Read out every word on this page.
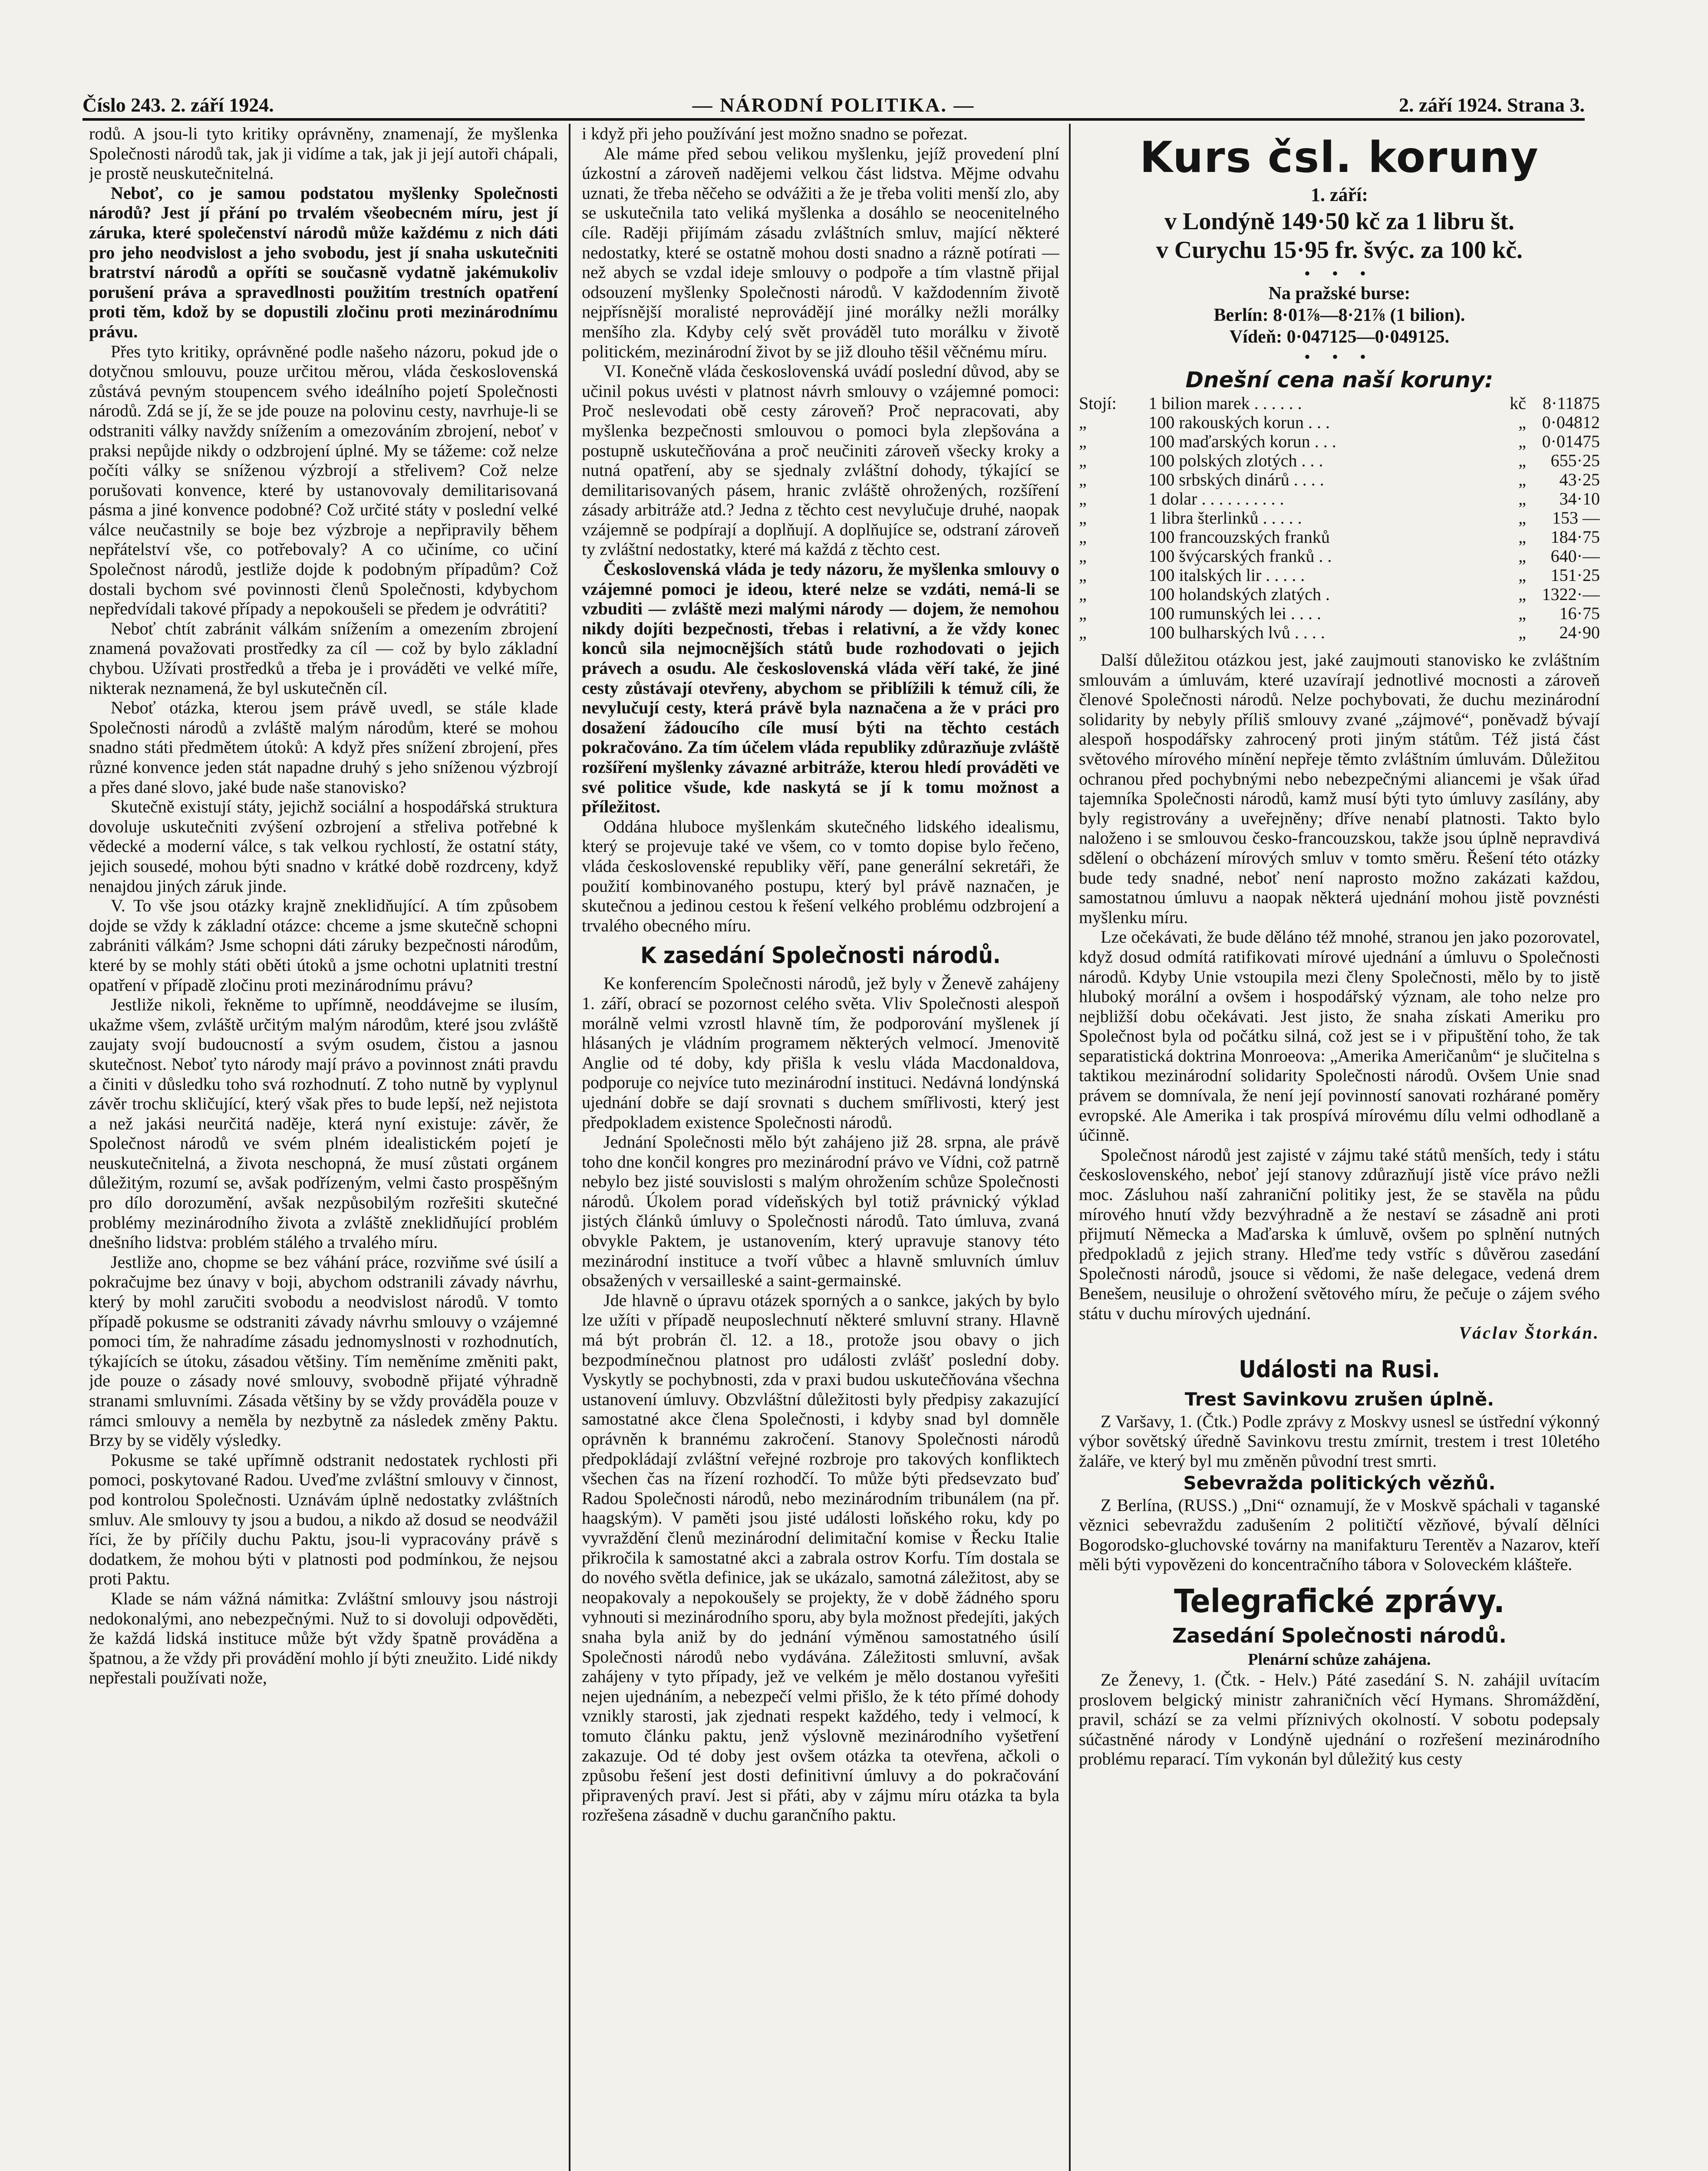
Číslo 243. 2. září 1924.	— NÁRODNÍ POLITIKA. —	2. září 1924. Strana 3.

rodů. A jsou-li tyto kritiky oprávněny, znamenají, že myšlenka Společnosti národů tak, jak ji vidíme a tak, jak ji její autoři chápali, je prostě neuskutečnitelná.

Neboť, co je samou podstatou myšlenky Společnosti národů? Jest jí přání po trvalém všeobecném míru, jest jí záruka, které společenství národů může každému z nich dáti pro jeho neodvislost a jeho svobodu, jest jí snaha uskutečniti bratrství národů a opříti se současně vydatně jakémukoliv porušení práva a spravedlnosti použitím trestních opatření proti těm, kdož by se dopustili zločinu proti mezinárodnímu právu.

Přes tyto kritiky, oprávněné podle našeho názoru, pokud jde o dotyčnou smlouvu, pouze určitou měrou, vláda československá zůstává pevným stoupencem svého ideálního pojetí Společnosti národů. Zdá se jí, že se jde pouze na polovinu cesty, navrhuje-li se odstraniti války navždy snížením a omezováním zbrojení, neboť v praksi nepůjde nikdy o odzbrojení úplné. My se tážeme: což nelze počíti války se sníženou výzbrojí a střelivem? Což nelze porušovati konvence, které by ustanovovaly demilitarisovaná pásma a jiné konvence podobné? Což určité státy v poslední velké válce neučastnily se boje bez výzbroje a nepřipravily během nepřátelství vše, co potřebovaly? A co učiníme, co učiní Společnost národů, jestliže dojde k podobným případům? Což dostali bychom své povinnosti členů Společnosti, kdybychom nepředvídali takové případy a nepokoušeli se předem je odvrátiti?

Neboť chtít zabránit válkám snížením a omezením zbrojení znamená považovati prostředky za cíl — což by bylo základní chybou. Užívati prostředků a třeba je i prováděti ve velké míře, nikterak neznamená, že byl uskutečněn cíl.

Neboť otázka, kterou jsem právě uvedl, se stále klade Společnosti národů a zvláště malým národům, které se mohou snadno státi předmětem útoků: A když přes snížení zbrojení, přes různé konvence jeden stát napadne druhý s jeho sníženou výzbrojí a přes dané slovo, jaké bude naše stanovisko?

Skutečně existují státy, jejichž sociální a hospodářská struktura dovoluje uskutečniti zvýšení ozbrojení a střeliva potřebné k vědecké a moderní válce, s tak velkou rychlostí, že ostatní státy, jejich sousedé, mohou býti snadno v krátké době rozdrceny, když nenajdou jiných záruk jinde.

V. To vše jsou otázky krajně zneklidňující. A tím způsobem dojde se vždy k základní otázce: chceme a jsme skutečně schopni zabrániti válkám? Jsme schopni dáti záruky bezpečnosti národům, které by se mohly státi oběti útoků a jsme ochotni uplatniti trestní opatření v případě zločinu proti mezinárodnímu právu?

Jestliže nikoli, řekněme to upřímně, neoddávejme se ilusím, ukažme všem, zvláště určitým malým národům, které jsou zvláště zaujaty svojí budoucností a svým osudem, čistou a jasnou skutečnost. Neboť tyto národy mají právo a povinnost znáti pravdu a činiti v důsledku toho svá rozhodnutí. Z toho nutně by vyplynul závěr trochu skličující, který však přes to bude lepší, než nejistota a než jakási neurčitá naděje, která nyní existuje: závěr, že Společnost národů ve svém plném idealistickém pojetí je neuskutečnitelná, a života neschopná, že musí zůstati orgánem důležitým, rozumí se, avšak podřízeným, velmi často prospěšným pro dílo dorozumění, avšak nezpůsobilým rozřešiti skutečné problémy mezinárodního života a zvláště zneklidňující problém dnešního lidstva: problém stálého a trvalého míru.

Jestliže ano, chopme se bez váhání práce, rozviňme své úsilí a pokračujme bez únavy v boji, abychom odstranili závady návrhu, který by mohl zaručiti svobodu a neodvislost národů. V tomto případě pokusme se odstraniti závady návrhu smlouvy o vzájemné pomoci tím, že nahradíme zásadu jednomyslnosti v rozhodnutích, týkajících se útoku, zásadou většiny. Tím neměníme změniti pakt, jde pouze o zásady nové smlouvy, svobodně přijaté výhradně stranami smluvními. Zásada většiny by se vždy prováděla pouze v rámci smlouvy a neměla by nezbytně za následek změny Paktu. Brzy by se viděly výsledky.

Pokusme se také upřímně odstranit nedostatek rychlosti při pomoci, poskytované Radou. Uveďme zvláštní smlouvy v činnost, pod kontrolou Společnosti. Uznávám úplně nedostatky zvláštních smluv. Ale smlouvy ty jsou a budou, a nikdo až dosud se neodvážil říci, že by příčily duchu Paktu, jsou-li vypracovány právě s dodatkem, že mohou býti v platnosti pod podmínkou, že nejsou proti Paktu.

Klade se nám vážná námitka: Zvláštní smlouvy jsou nástroji nedokonalými, ano nebezpečnými. Nuž to si dovoluji odpověděti, že každá lidská instituce může být vždy špatně prováděna a špatnou, a že vždy při provádění mohlo jí býti zneužito. Lidé nikdy nepřestali používati nože,

i když při jeho používání jest možno snadno se pořezat.

Ale máme před sebou velikou myšlenku, jejíž provedení plní úzkostní a zároveň nadějemi velkou část lidstva. Mějme odvahu uznati, že třeba něčeho se odvážiti a že je třeba voliti menší zlo, aby se uskutečnila tato veliká myšlenka a dosáhlo se neocenitelného cíle. Raději přijímám zásadu zvláštních smluv, mající některé nedostatky, které se ostatně mohou dosti snadno a rázně potírati — než abych se vzdal ideje smlouvy o podpoře a tím vlastně přijal odsouzení myšlenky Společnosti národů. V každodenním životě nejpřísnější moralisté neprovádějí jiné morálky nežli morálky menšího zla. Kdyby celý svět prováděl tuto morálku v životě politickém, mezinárodní život by se již dlouho těšil věčnému míru.

VI. Konečně vláda československá uvádí poslední důvod, aby se učinil pokus uvésti v platnost návrh smlouvy o vzájemné pomoci: Proč neslevodati obě cesty zároveň? Proč nepracovati, aby myšlenka bezpečnosti smlouvou o pomoci byla zlepšována a postupně uskutečňována a proč neučiniti zároveň všecky kroky a nutná opatření, aby se sjednaly zvláštní dohody, týkající se demilitarisovaných pásem, hranic zvláště ohrožených, rozšíření zásady arbitráže atd.? Jedna z těchto cest nevylučuje druhé, naopak vzájemně se podpírají a doplňují. A doplňujíce se, odstraní zároveň ty zvláštní nedostatky, které má každá z těchto cest.

Československá vláda je tedy názoru, že myšlenka smlouvy o vzájemné pomoci je ideou, které nelze se vzdáti, nemá-li se vzbuditi — zvláště mezi malými národy — dojem, že nemohou nikdy dojíti bezpečnosti, třebas i relativní, a že vždy konec konců sila nejmocnějších států bude rozhodovati o jejich právech a osudu. Ale československá vláda věří také, že jiné cesty zůstávají otevřeny, abychom se přiblížili k témuž cíli, že nevylučují cesty, která právě byla naznačena a že v práci pro dosažení žádoucího cíle musí býti na těchto cestách pokračováno. Za tím účelem vláda republiky zdůrazňuje zvláště rozšíření myšlenky závazné arbitráže, kterou hledí prováděti ve své politice všude, kde naskytá se jí k tomu možnost a příležitost.

Oddána hluboce myšlenkám skutečného lidského idealismu, který se projevuje také ve všem, co v tomto dopise bylo řečeno, vláda československé republiky věří, pane generální sekretáři, že použití kombinovaného postupu, který byl právě naznačen, je skutečnou a jedinou cestou k řešení velkého problému odzbrojení a trvalého obecného míru.

K zasedání Společnosti národů.

Ke konferencím Společnosti národů, jež byly v Ženevě zahájeny 1. září, obrací se pozornost celého světa. Vliv Společnosti alespoň morálně velmi vzrostl hlavně tím, že podporování myšlenek jí hlásaných je vládním programem některých velmocí. Jmenovitě Anglie od té doby, kdy přišla k veslu vláda Macdonaldova, podporuje co nejvíce tuto mezinárodní instituci. Nedávná londýnská ujednání dobře se dají srovnati s duchem smířlivosti, který jest předpokladem existence Společnosti národů.

Jednání Společnosti mělo být zahájeno již 28. srpna, ale právě toho dne končil kongres pro mezinárodní právo ve Vídni, což patrně nebylo bez jisté souvislosti s malým ohrožením schůze Společnosti národů. Úkolem porad vídeňských byl totiž právnický výklad jistých článků úmluvy o Společnosti národů. Tato úmluva, zvaná obvykle Paktem, je ustanovením, který upravuje stanovy této mezinárodní instituce a tvoří vůbec a hlavně smluvních úmluv obsažených v versailleské a saint-germainské.

Jde hlavně o úpravu otázek sporných a o sankce, jakých by bylo lze užíti v případě neuposlechnutí některé smluvní strany. Hlavně má být probrán čl. 12. a 18., protože jsou obavy o jich bezpodmínečnou platnost pro události zvlášť poslední doby. Vyskytly se pochybnosti, zda v praxi budou uskutečňována všechna ustanovení úmluvy. Obzvláštní důležitosti byly předpisy zakazující samostatné akce člena Společnosti, i kdyby snad byl domněle oprávněn k brannému zakročení. Stanovy Společnosti národů předpokládají zvláštní veřejné rozbroje pro takových konfliktech všechen čas na řízení rozhodčí. To může býti předsevzato buď Radou Společnosti národů, nebo mezinárodním tribunálem (na př. haagským). V paměti jsou jisté události loňského roku, kdy po vyvraždění členů mezinárodní delimitační komise v Řecku Italie přikročila k samostatné akci a zabrala ostrov Korfu. Tím dostala se do nového světla definice, jak se ukázalo, samotná záležitost, aby se neopakovaly a nepokoušely se projekty, že v době žádného sporu vyhnouti si mezinárodního sporu, aby byla možnost předejíti, jakých snaha byla aniž by do jednání výměnou samostatného úsilí Společnosti národů nebo vydávána. Záležitosti smluvní, avšak zahájeny v tyto případy, jež ve velkém je mělo dostanou vyřešiti nejen ujednáním, a nebezpečí velmi přišlo, že k této přímé dohody vznikly starosti, jak zjednati respekt každého, tedy i velmocí, k tomuto článku paktu, jenž výslovně mezinárodního vyšetření zakazuje. Od té doby jest ovšem otázka ta otevřena, ačkoli o způsobu řešení jest dosti definitivní úmluvy a do pokračování připravených praví. Jest si přáti, aby v zájmu míru otázka ta byla rozřešena zásadně v duchu garančního paktu.

Kurs čsl. koruny
1. září:
v Londýně 149·50 kč za 1 libru št.
v Curychu 15·95 fr. švýc. za 100 kč.
• • •
Na pražské burse:
Berlín: 8·01⅞—8·21⅞ (1 bilion).
Vídeň: 0·047125—0·049125.
• • •
Dnešní cena naší koruny:
Stojí:	1 bilion marek . . . . . .	kč	8·11875
„	100 rakouských korun . . .	„	0·04812
„	100 maďarských korun . . .	„	0·01475
„	100 polských zlotých . . .	„	655·25
„	100 srbských dinárů . . . .	„	43·25
„	1 dolar . . . . . . . . . .	„	34·10
„	1 libra šterlinků . . . . .	„	153 —
„	100 francouzských franků	„	184·75
„	100 švýcarských franků . .	„	640·—
„	100 italských lir . . . . .	„	151·25
„	100 holandských zlatých .	„	1322·—
„	100 rumunských lei . . . .	„	16·75
„	100 bulharských lvů . . . .	„	24·90

Další důležitou otázkou jest, jaké zaujmouti stanovisko ke zvláštním smlouvám a úmluvám, které uzavírají jednotlivé mocnosti a zároveň členové Společnosti národů. Nelze pochybovati, že duchu mezinárodní solidarity by nebyly příliš smlouvy zvané „zájmové“, poněvadž bývají alespoň hospodářsky zahrocený proti jiným státům. Též jistá část světového mírového mínění nepřeje těmto zvláštním úmluvám. Důležitou ochranou před pochybnými nebo nebezpečnými aliancemi je však úřad tajemníka Společnosti národů, kamž musí býti tyto úmluvy zasílány, aby byly registrovány a uveřejněny; dříve nenabí platnosti. Takto bylo naloženo i se smlouvou česko-francouzskou, takže jsou úplně nepravdivá sdělení o obcházení mírových smluv v tomto směru. Řešení této otázky bude tedy snadné, neboť není naprosto možno zakázati každou, samostatnou úmluvu a naopak některá ujednání mohou jistě povznésti myšlenku míru.

Lze očekávati, že bude děláno též mnohé, stranou jen jako pozorovatel, když dosud odmítá ratifikovati mírové ujednání a úmluvu o Společnosti národů. Kdyby Unie vstoupila mezi členy Společnosti, mělo by to jistě hluboký morální a ovšem i hospodářský význam, ale toho nelze pro nejbližší dobu očekávati. Jest jisto, že snaha získati Ameriku pro Společnost byla od počátku silná, což jest se i v připuštění toho, že tak separatistická doktrina Monroeova: „Amerika Američanům“ je slučitelna s taktikou mezinárodní solidarity Společnosti národů. Ovšem Unie snad právem se domnívala, že není její povinností sanovati rozhárané poměry evropské. Ale Amerika i tak prospívá mírovému dílu velmi odhodlaně a účinně.

Společnost národů jest zajisté v zájmu také států menších, tedy i státu československého, neboť její stanovy zdůrazňují jistě více právo nežli moc. Zásluhou naší zahraniční politiky jest, že se stavěla na půdu mírového hnutí vždy bezvýhradně a že nestaví se zásadně ani proti přijmutí Německa a Maďarska k úmluvě, ovšem po splnění nutných předpokladů z jejich strany. Hleďme tedy vstříc s důvěrou zasedání Společnosti národů, jsouce si vědomi, že naše delegace, vedená drem Benešem, neusiluje o ohrožení světového míru, že pečuje o zájem svého státu v duchu mírových ujednání.

Václav Štorkán.
Události na Rusi.
Trest Savinkovu zrušen úplně.

Z Varšavy, 1. (Čtk.) Podle zprávy z Moskvy usnesl se ústřední výkonný výbor sovětský úředně Savinkovu trestu zmírnit, trestem i trest 10letého žaláře, ve který byl mu změněn původní trest smrti.

Sebevražda politických vězňů.

Z Berlína, (RUSS.) „Dni“ oznamují, že v Moskvě spáchali v taganské věznici sebevraždu zadušením 2 političtí vězňové, bývalí dělníci Bogorodsko-gluchovské továrny na manifakturu Terentěv a Nazarov, kteří měli býti vypovězeni do koncentračního tábora v Soloveckém klášteře.

Telegrafické zprávy.
Zasedání Společnosti národů.
Plenární schůze zahájena.

Ze Ženevy, 1. (Čtk. - Helv.) Páté zasedání S. N. zahájil uvítacím proslovem belgický ministr zahraničních věcí Hymans. Shromáždění, pravil, schází se za velmi příznivých okolností. V sobotu podepsaly súčastněné národy v Londýně ujednání o rozřešení mezinárodního problému reparací. Tím vykonán byl důležitý kus cesty
